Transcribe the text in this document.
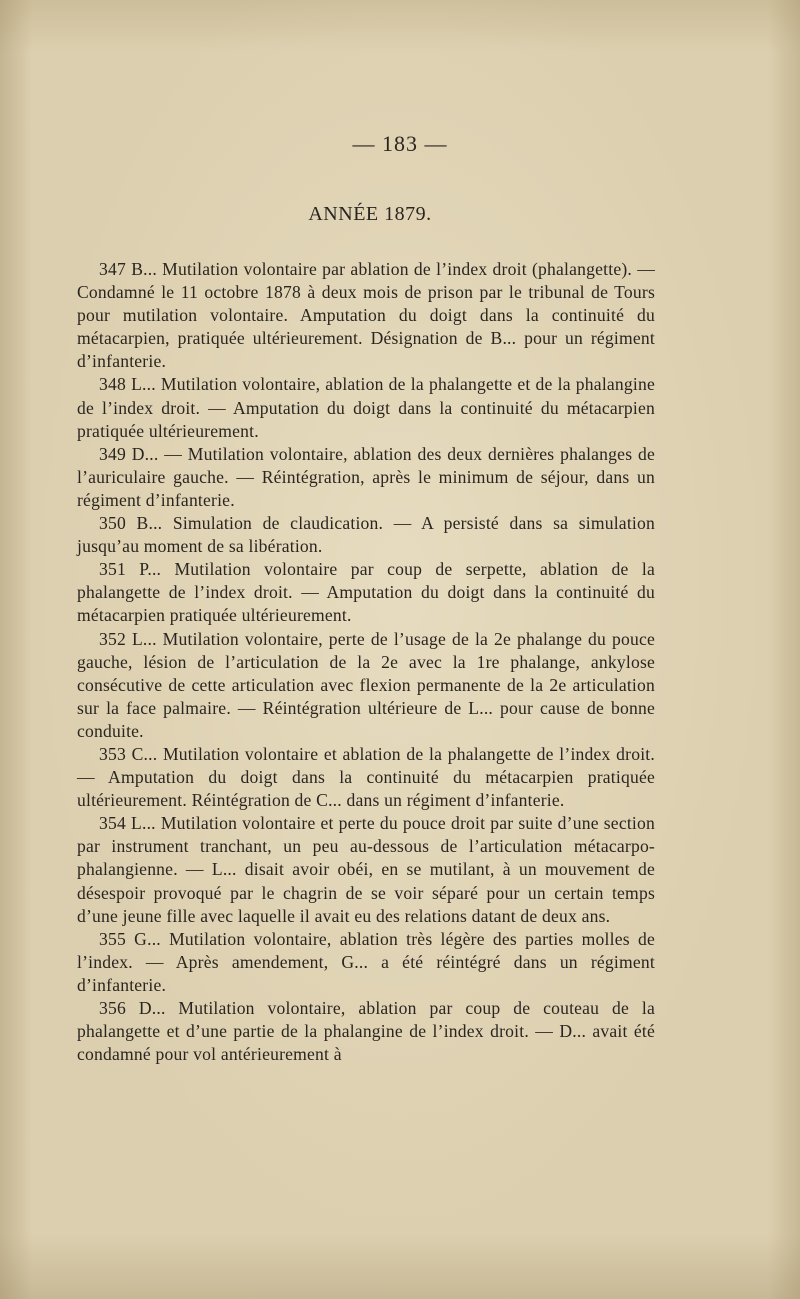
— 183 —
ANNÉE 1879.

347 B... Mutilation volontaire par ablation de l’index droit (phalangette). — Condamné le 11 octobre 1878 à deux mois de prison par le tribunal de Tours pour mutilation volontaire. Amputation du doigt dans la continuité du métacarpien, pratiquée ultérieurement. Désignation de B... pour un régiment d’infanterie.

348 L... Mutilation volontaire, ablation de la phalangette et de la phalangine de l’index droit. — Amputation du doigt dans la continuité du métacarpien pratiquée ultérieurement.

349 D... — Mutilation volontaire, ablation des deux dernières phalanges de l’auriculaire gauche. — Réintégration, après le minimum de séjour, dans un régiment d’infanterie.

350 B... Simulation de claudication. — A persisté dans sa simulation jusqu’au moment de sa libération.

351 P... Mutilation volontaire par coup de serpette, ablation de la phalangette de l’index droit. — Amputation du doigt dans la continuité du métacarpien pratiquée ultérieurement.

352 L... Mutilation volontaire, perte de l’usage de la 2e phalange du pouce gauche, lésion de l’articulation de la 2e avec la 1re phalange, ankylose consécutive de cette articulation avec flexion permanente de la 2e articulation sur la face palmaire. — Réintégration ultérieure de L... pour cause de bonne conduite.

353 C... Mutilation volontaire et ablation de la phalangette de l’index droit. — Amputation du doigt dans la continuité du métacarpien pratiquée ultérieurement. Réintégration de C... dans un régiment d’infanterie.

354 L... Mutilation volontaire et perte du pouce droit par suite d’une section par instrument tranchant, un peu au-dessous de l’articulation métacarpo-phalangienne. — L... disait avoir obéi, en se mutilant, à un mouvement de désespoir provoqué par le chagrin de se voir séparé pour un certain temps d’une jeune fille avec laquelle il avait eu des relations datant de deux ans.

355 G... Mutilation volontaire, ablation très légère des parties molles de l’index. — Après amendement, G... a été réintégré dans un régiment d’infanterie.

356 D... Mutilation volontaire, ablation par coup de couteau de la phalangette et d’une partie de la phalangine de l’index droit. — D... avait été condamné pour vol antérieurement à
